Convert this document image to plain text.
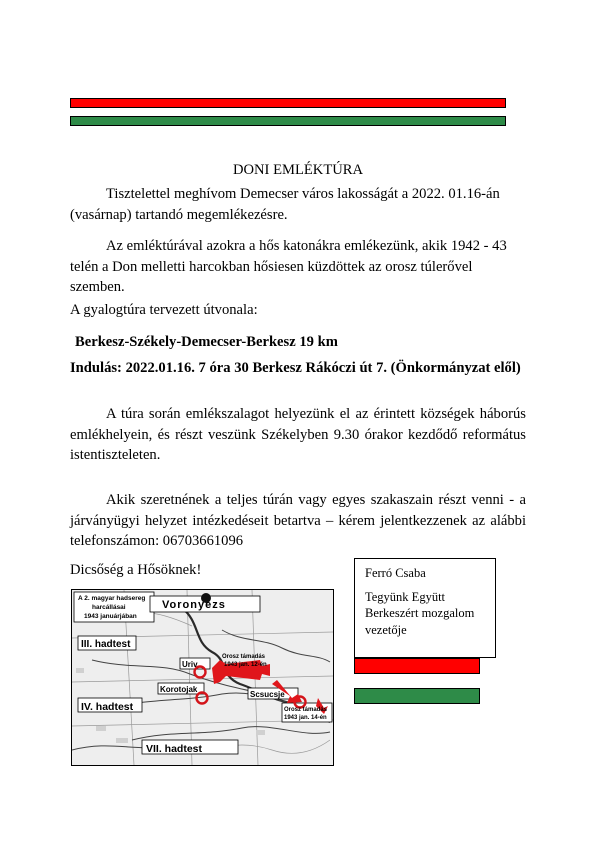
DONI EMLÉKTÚRA

Tisztelettel meghívom Demecser város lakosságát a 2022. 01.16-án (vasárnap) tartandó megemlékezésre.

Az emléktúrával azokra a hős katonákra emlékezünk, akik 1942 - 43 telén a Don melletti harcokban hősiesen küzdöttek az orosz túlerővel szemben.

A gyalogtúra tervezett útvonala:

Berkesz-Székely-Demecser-Berkesz 19 km

Indulás: 2022.01.16. 7 óra 30 Berkesz Rákóczi út 7. (Önkormányzat elől)

A túra során emlékszalagot helyezünk el az érintett községek háborús emlékhelyein, és részt veszünk Székelyben 9.30 órakor kezdődő református istentiszteleten.

Akik szeretnének a teljes túrán vagy egyes szakaszain részt venni - a járványügyi helyzet intézkedéseit betartva – kérem jelentkezzenek az alábbi telefonszámon: 06703661096

Dicsőség a Hősöknek!	Ferró Csaba
Tegyünk Együtt
Berkeszért mozgalom
vezetője
A 2. magyar hadsereg
harcállásai
1943 januárjában
Voronyezs
III. hadtest
IV. hadtest
VII. hadtest
Uriv
Korotojak
Scsucsje
Orosz támadás
1943 jan. 12-én
Orosz támadás
1943 jan. 14-én
